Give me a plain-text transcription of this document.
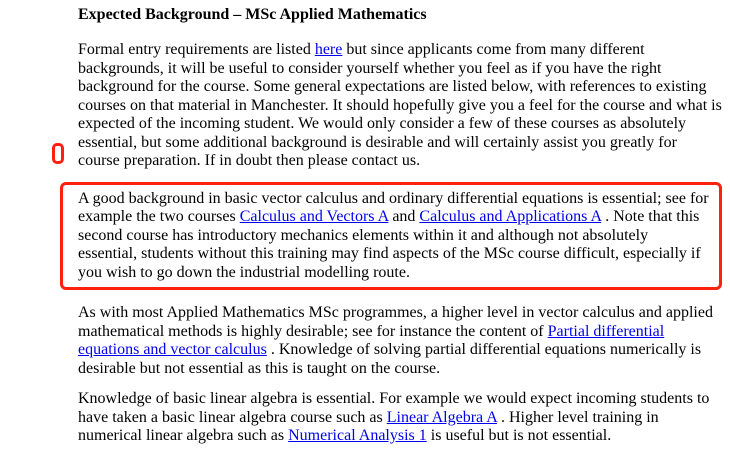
Expected Background – MSc Applied Mathematics

Formal entry requirements are listed here but since applicants come from many different backgrounds, it will be useful to consider yourself whether you feel as if you have the right background for the course. Some general expectations are listed below, with references to existing courses on that material in Manchester. It should hopefully give you a feel for the course and what is expected of the incoming student. We would only consider a few of these courses as absolutely essential, but some additional background is desirable and will certainly assist you greatly for course preparation. If in doubt then please contact us.

A good background in basic vector calculus and ordinary differential equations is essential; see for example the two courses Calculus and Vectors A and Calculus and Applications A . Note that this second course has introductory mechanics elements within it and although not absolutely essential, students without this training may find aspects of the MSc course difficult, especially if you wish to go down the industrial modelling route.

As with most Applied Mathematics MSc programmes, a higher level in vector calculus and applied mathematical methods is highly desirable; see for instance the content of Partial differential equations and vector calculus . Knowledge of solving partial differential equations numerically is desirable but not essential as this is taught on the course.

Knowledge of basic linear algebra is essential. For example we would expect incoming students to have taken a basic linear algebra course such as Linear Algebra A . Higher level training in numerical linear algebra such as Numerical Analysis 1 is useful but is not essential.
